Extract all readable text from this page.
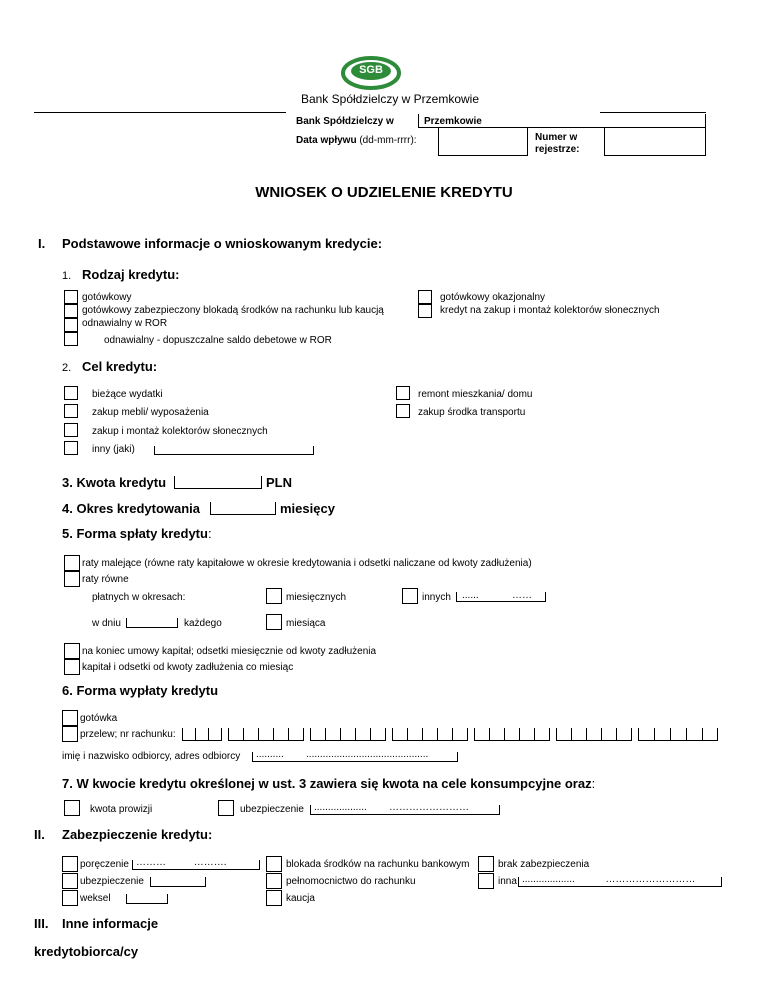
SGB
Bank Spółdzielczy w Przemkowie
Bank Spółdzielczy w	Przemkowie
Data wpływu (dd-mm-rrrr):	Numer w rejestrze:
WNIOSEK O UDZIELENIE KREDYTU
I. Podstawowe informacje o wnioskowanym kredycie:
1. Rodzaj kredytu:
gotówkowy
gotówkowy zabezpieczony blokadą środków na rachunku lub kaucją
odnawialny w ROR
odnawialny - dopuszczalne saldo debetowe w ROR
gotówkowy okazjonalny
kredyt na zakup i montaż kolektorów słonecznych
2. Cel kredytu:
bieżące wydatki	remont mieszkania/ domu
zakup mebli/ wyposażenia	zakup środka transportu
zakup i montaż kolektorów słonecznych
inny (jaki)
3. Kwota kredytu	PLN
4. Okres kredytowania	miesięcy
5. Forma spłaty kredytu:
raty malejące (równe raty kapitałowe w okresie kredytowania i odsetki naliczane od kwoty zadłużenia)
raty równe
płatnych w okresach:	miesięcznych	innych ......            ……
w dniu	każdego	miesiąca
na koniec umowy kapitał; odsetki miesięcznie od kwoty zadłużenia
kapitał i odsetki od kwoty zadłużenia co miesiąc
6. Forma wypłaty kredytu
gotówka
przelew; nr rachunku:
imię i nazwisko odbiorcy, adres odbiorcy ..........        ............................................
7. W kwocie kredytu określonej w ust. 3 zawiera się kwota na cele konsumpcyjne oraz:
kwota prowizji	ubezpieczenie ...................        ……………………
II. Zabezpieczenie kredytu:
poręczenie ………          ……….
ubezpieczenie
weksel
blokada środków na rachunku bankowym
pełnomocnictwo do rachunku
kaucja
brak zabezpieczenia
inna ...................           ………………………
III. Inne informacje
kredytobiorca/cy
